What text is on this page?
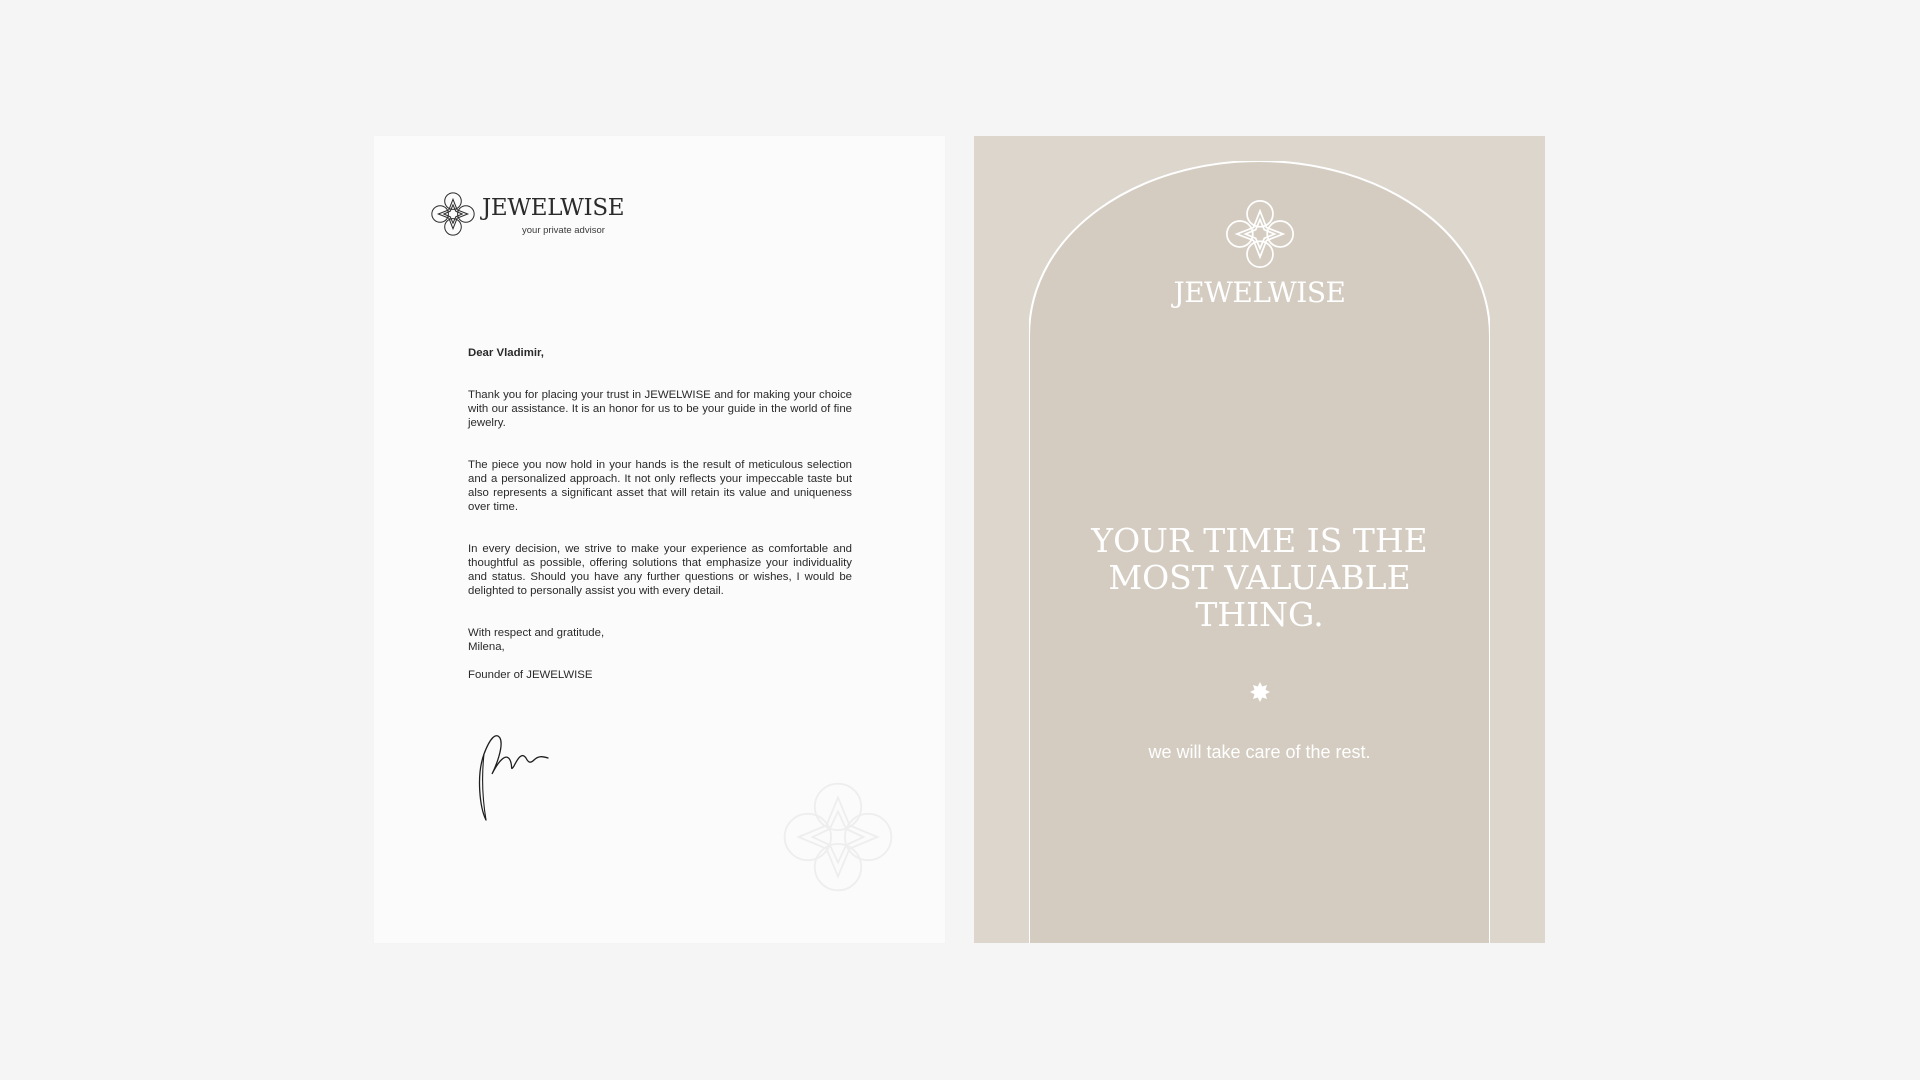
JEWELWISE
your private advisor

Dear Vladimir,

Thank you for placing your trust in JEWELWISE and for making your choice with our assistance. It is an honor for us to be your guide in the world of fine jewelry.

The piece you now hold in your hands is the result of meticulous selection and a personalized approach. It not only reflects your impeccable taste but also represents a significant asset that will retain its value and uniqueness over time.

In every decision, we strive to make your experience as comfortable and thoughtful as possible, offering solutions that emphasize your individuality and status. Should you have any further questions or wishes, I would be delighted to personally assist you with every detail.

With respect and gratitude,
Milena,

Founder of JEWELWISE

JEWELWISE
YOUR TIME IS THE MOST VALUABLE THING.
we will take care of the rest.
